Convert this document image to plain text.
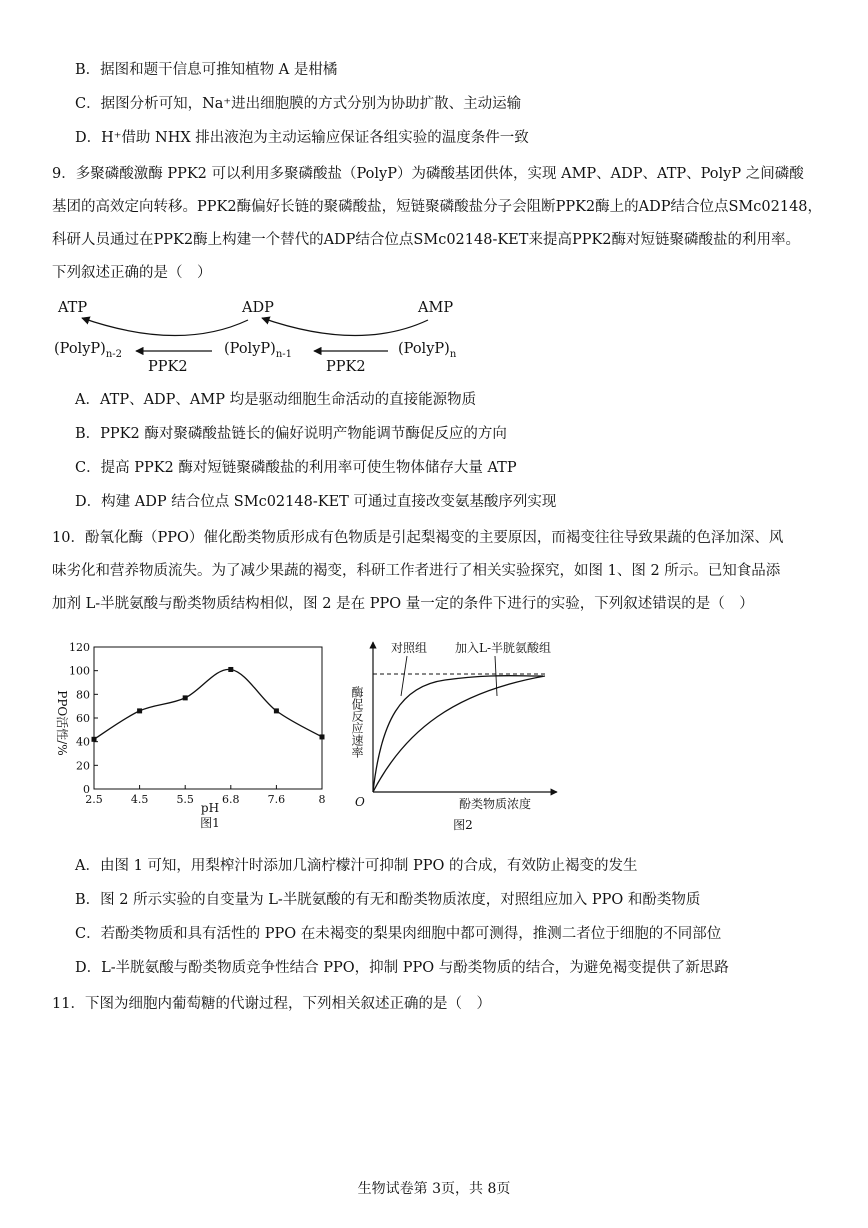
B．据图和题干信息可推知植物 A 是柑橘
C．据图分析可知，Na⁺进出细胞膜的方式分别为协助扩散、主动运输
D．H⁺借助 NHX 排出液泡为主动运输应保证各组实验的温度条件一致
9．多聚磷酸激酶 PPK2 可以利用多聚磷酸盐（PolyP）为磷酸基团供体，实现 AMP、ADP、ATP、PolyP 之间磷酸
基团的高效定向转移。PPK2酶偏好长链的聚磷酸盐，短链聚磷酸盐分子会阻断PPK2酶上的ADP结合位点SMc02148，
科研人员通过在PPK2酶上构建一个替代的ADP结合位点SMc02148-KET来提高PPK2酶对短链聚磷酸盐的利用率。
下列叙述正确的是（　）
ATP	ADP	AMP
$(PolyP)_{n-2}$	$(PolyP)_{n-1}$	$(PolyP)_n$
PPK2	PPK2
A．ATP、ADP、AMP 均是驱动细胞生命活动的直接能源物质
B．PPK2 酶对聚磷酸盐链长的偏好说明产物能调节酶促反应的方向
C．提高 PPK2 酶对短链聚磷酸盐的利用率可使生物体储存大量 ATP
D．构建 ADP 结合位点 SMc02148-KET 可通过直接改变氨基酸序列实现
10．酚氧化酶（PPO）催化酚类物质形成有色物质是引起梨褐变的主要原因，而褐变往往导致果蔬的色泽加深、风
味劣化和营养物质流失。为了减少果蔬的褐变，科研工作者进行了相关实验探究，如图 1、图 2 所示。已知食品添
加剂 L-半胱氨酸与酚类物质结构相似，图 2 是在 PPO 量一定的条件下进行的实验，下列叙述错误的是（　）
0
20
40
60
80
100
120
2.5	4.5	5.5	6.8	7.6	8
PPO活性/%
pH
图1
对照组 加入L-半胱氨酸组
酶促反应速率
O	酚类物质浓度
图2
A．由图 1 可知，用梨榨汁时添加几滴柠檬汁可抑制 PPO 的合成，有效防止褐变的发生
B．图 2 所示实验的自变量为 L-半胱氨酸的有无和酚类物质浓度，对照组应加入 PPO 和酚类物质
C．若酚类物质和具有活性的 PPO 在未褐变的梨果肉细胞中都可测得，推测二者位于细胞的不同部位
D．L-半胱氨酸与酚类物质竞争性结合 PPO，抑制 PPO 与酚类物质的结合，为避免褐变提供了新思路
11．下图为细胞内葡萄糖的代谢过程，下列相关叙述正确的是（　）
生物试卷第 3页，共 8页
